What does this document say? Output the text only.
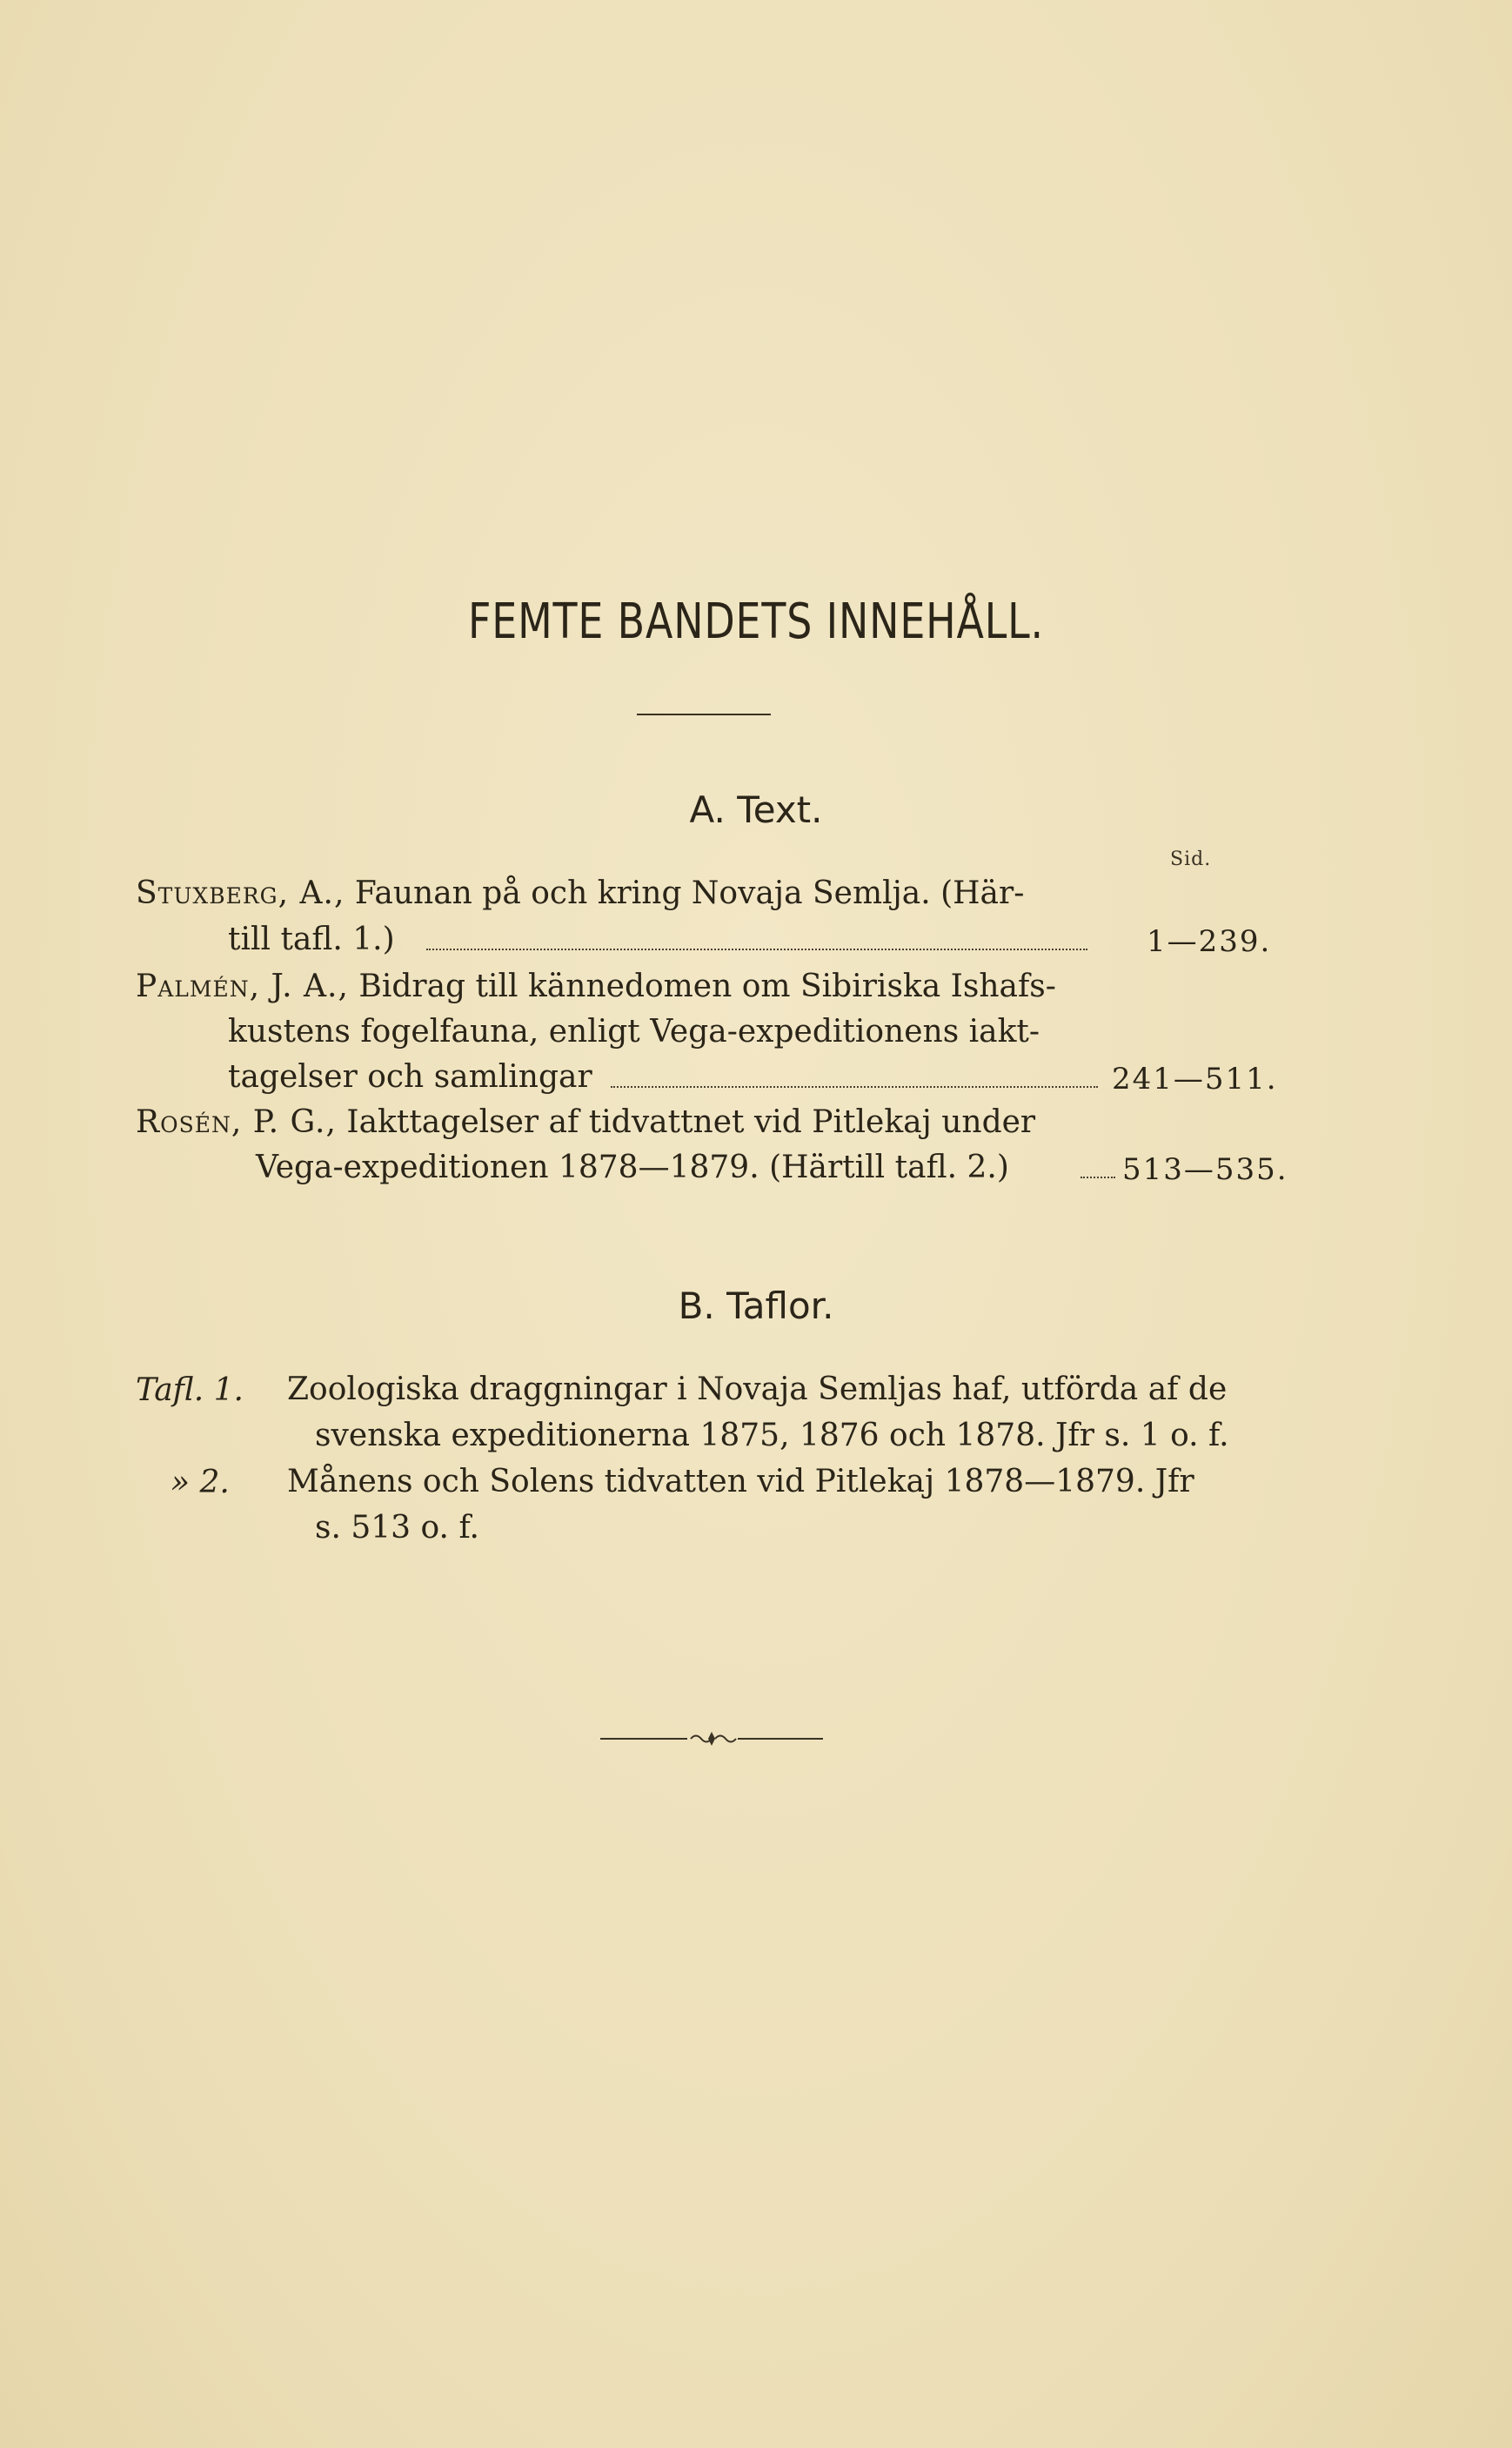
FEMTE BANDETS INNEHÅLL.
A. Text.
Sid.
Stuxberg, A., Faunan på och kring Novaja Semlja. (Här-
till tafl. 1.)	1—239.
Palmén, J. A., Bidrag till kännedomen om Sibiriska Ishafs-
kustens fogelfauna, enligt Vega-expeditionens iakt-
tagelser och samlingar	241—511.
Rosén, P. G., Iakttagelser af tidvattnet vid Pitlekaj under
Vega-expeditionen 1878—1879. (Härtill tafl. 2.)	513—535.
B. Taflor.
Tafl. 1. Zoologiska draggningar i Novaja Semljas haf, utförda af de
svenska expeditionerna 1875, 1876 och 1878. Jfr s. 1 o. f.
» 2. Månens och Solens tidvatten vid Pitlekaj 1878—1879. Jfr
s. 513 o. f.
